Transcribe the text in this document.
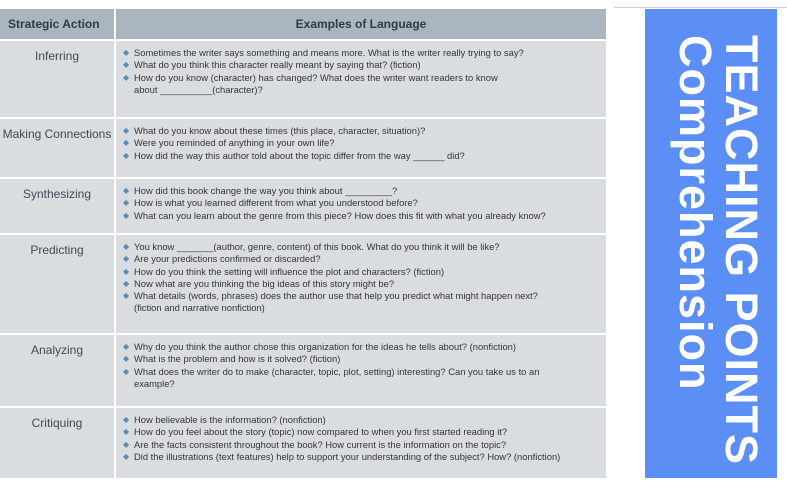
Strategic Action	Examples of Language
Inferring	◆ Sometimes the writer says something and means more. What is the writer really trying to say?
◆ What do you think this character really meant by saying that? (fiction)
◆ How do you know (character) has changed? What does the writer want readers to know
about __________(character)?
Making Connections	◆ What do you know about these times (this place, character, situation)?
◆ Were you reminded of anything in your own life?
◆ How did the way this author told about the topic differ from the way ______ did?
Synthesizing	◆ How did this book change the way you think about _________?
◆ How is what you learned different from what you understood before?
◆ What can you learn about the genre from this piece? How does this fit with what you already know?
Predicting	◆ You know _______(author, genre, content) of this book. What do you think it will be like?
◆ Are your predictions confirmed or discarded?
◆ How do you think the setting will influence the plot and characters? (fiction)
◆ Now what are you thinking the big ideas of this story might be?
◆ What details (words, phrases) does the author use that help you predict what might happen next?
(fiction and narrative nonfiction)
Analyzing	◆ Why do you think the author chose this organization for the ideas he tells about? (nonfiction)
◆ What is the problem and how is it solved? (fiction)
◆ What does the writer do to make (character, topic, plot, setting) interesting? Can you take us to an
example?
Critiquing	◆ How believable is the information? (nonfiction)
◆ How do you feel about the story (topic) now compared to when you first started reading it?
◆ Are the facts consistent throughout the book? How current is the information on the topic?
◆ Did the illustrations (text features) help to support your understanding of the subject? How? (nonfiction)	TEACHING POINTS
Comprehension
